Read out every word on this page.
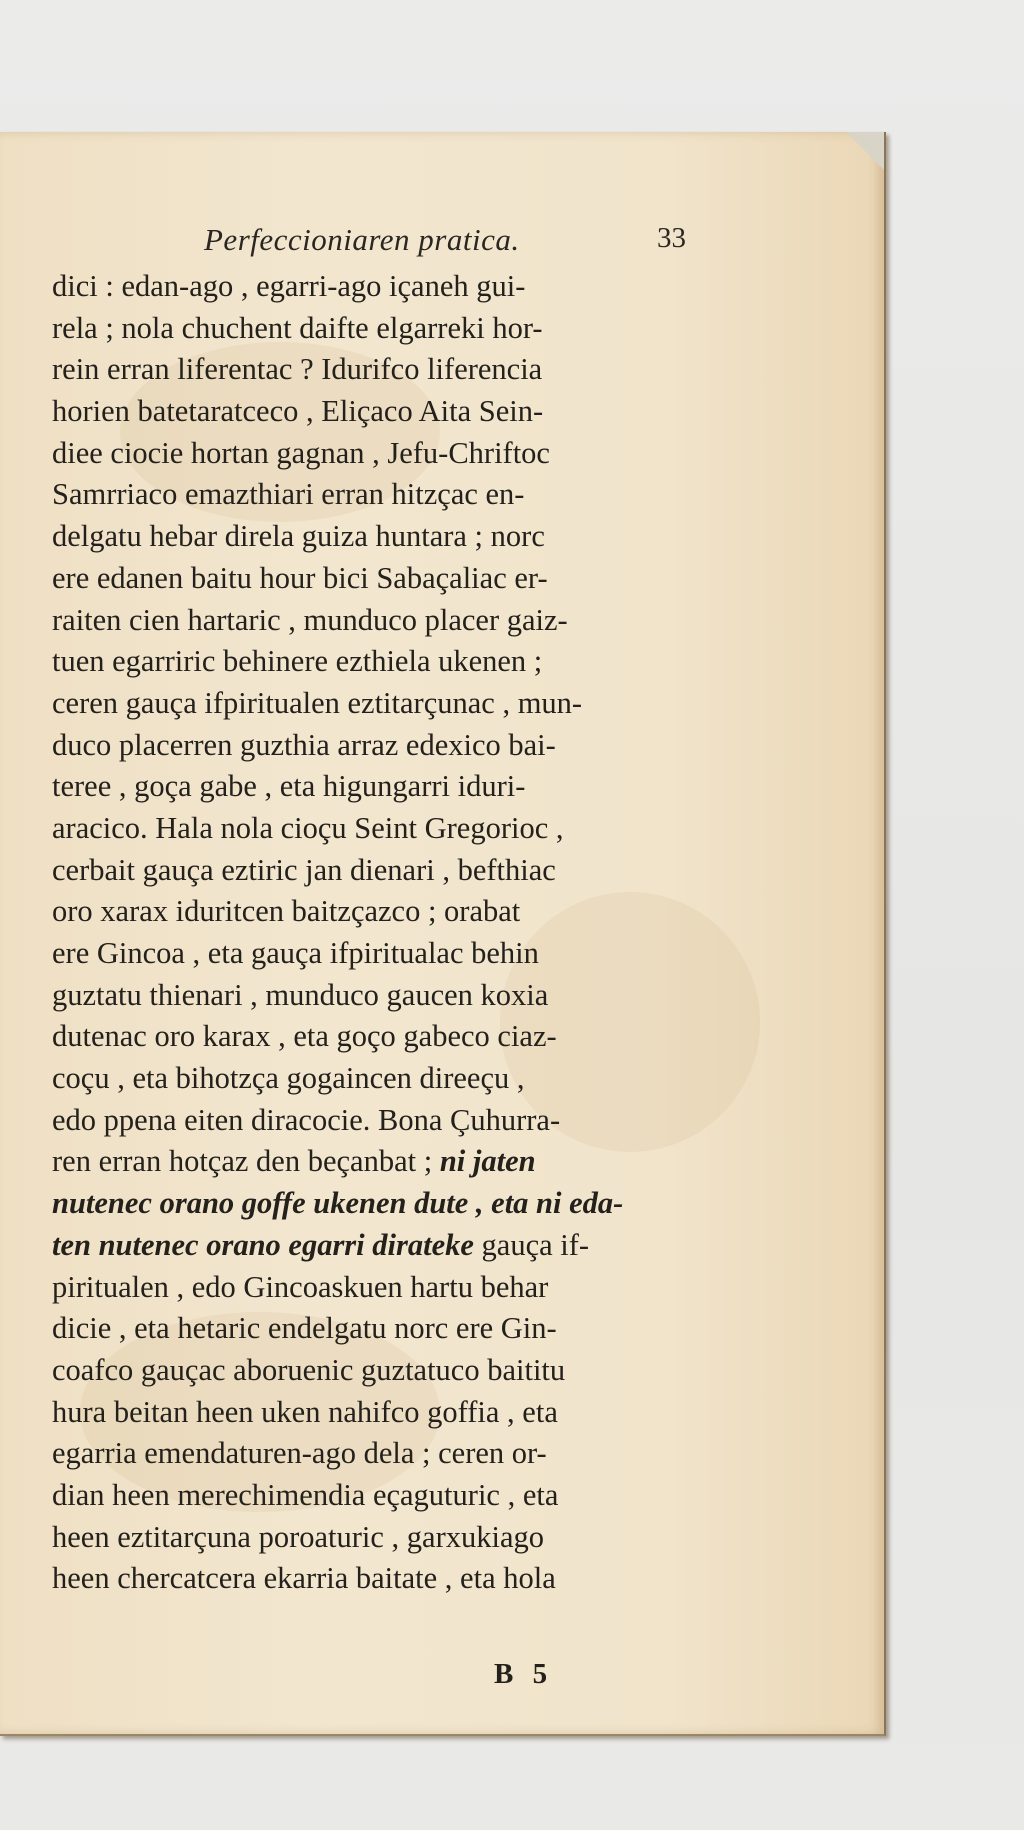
Perfeccioniaren pratica.	33
dici : edan-ago , egarri-ago içaneh gui-
rela ; nola chuchent daifte elgarreki hor-
rein erran liferentac ? Idurifco liferencia
horien batetaratceco , Eliçaco Aita Sein-
diee ciocie hortan gagnan , Jefu-Chriftoc
Samrriaco emazthiari erran hitzçac en-
delgatu hebar direla guiza huntara ; norc
ere edanen baitu hour bici Sabaçaliac er-
raiten cien hartaric , munduco placer gaiz-
tuen egarriric behinere ezthiela ukenen ;
ceren gauça ifpiritualen eztitarçunac , mun-
duco placerren guzthia arraz edexico bai-
teree , goça gabe , eta higungarri iduri-
aracico. Hala nola cioçu Seint Gregorioc ,
cerbait gauça eztiric jan dienari , befthiac
oro xarax iduritcen baitzçazco ; orabat
ere Gincoa , eta gauça ifpiritualac behin
guztatu thienari , munduco gaucen koxia
dutenac oro karax , eta goço gabeco ciaz-
coçu , eta bihotzça gogaincen direeçu ,
edo ppena eiten diracocie. Bona Çuhurra-
ren erran hotçaz den beçanbat ; ni jaten
nutenec orano goffe ukenen dute , eta ni eda-
ten nutenec orano egarri dirateke gauça if-
piritualen , edo Gincoaskuen hartu behar
dicie , eta hetaric endelgatu norc ere Gin-
coafco gauçac aboruenic guztatuco baititu
hura beitan heen uken nahifco goffia , eta
egarria emendaturen-ago dela ; ceren or-
dian heen merechimendia eçaguturic , eta
heen eztitarçuna poroaturic , garxukiago
heen chercatcera ekarria baitate , eta hola
B 5
